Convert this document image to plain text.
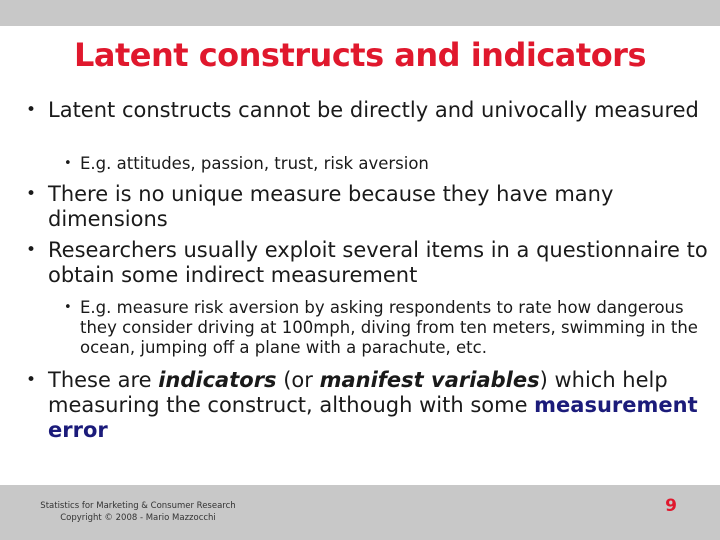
Latent constructs and indicators
• Latent constructs cannot be directly and univocally measured
• E.g. attitudes, passion, trust, risk aversion
• There is no unique measure because they have many dimensions
• Researchers usually exploit several items in a questionnaire to obtain some indirect measurement
• E.g. measure risk aversion by asking respondents to rate how dangerous they consider driving at 100mph, diving from ten meters, swimming in the ocean, jumping off a plane with a parachute, etc.
• These are indicators (or manifest variables) which help measuring the construct, although with some measurement error
Statistics for Marketing & Consumer Research
Copyright © 2008 - Mario Mazzocchi
9
